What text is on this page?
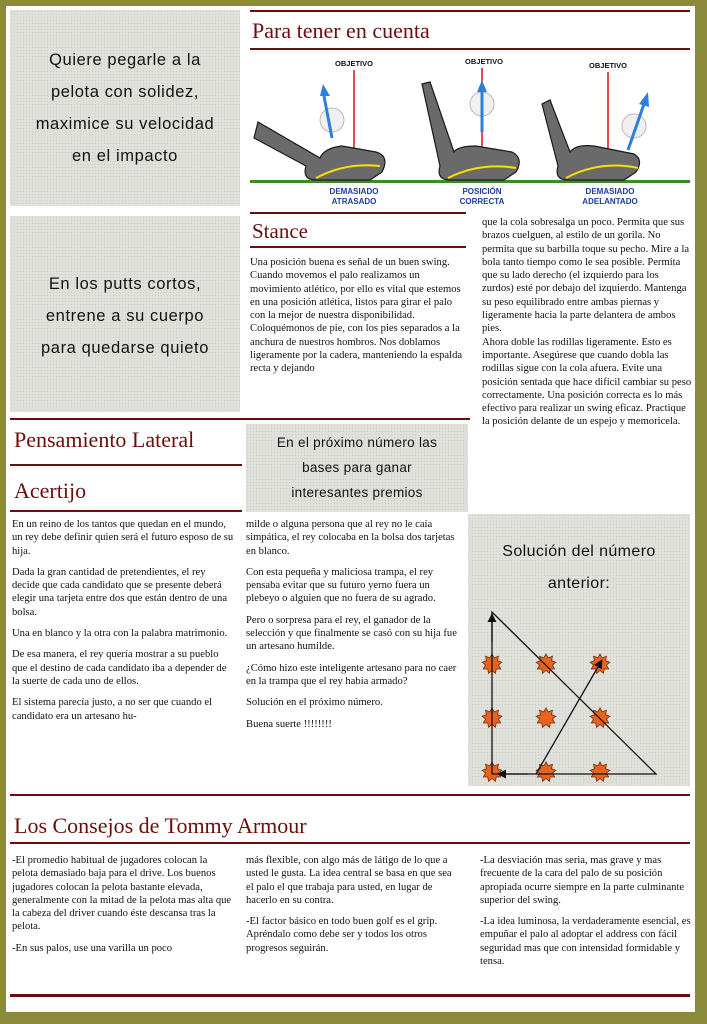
Quiere pegarle a la
pelota con solidez,
maximice su velocidad
en el impacto
Para tener en cuenta
OBJETIVO
DEMASIADO
ATRASADO
OBJETIVO
POSICIÓN
CORRECTA
OBJETIVO
DEMASIADO
ADELANTADO
En los putts cortos,
entrene a su cuerpo
para quedarse quieto
Stance

Una posición buena es señal de un buen swing. Cuando movemos el palo realizamos un movimiento atlético, por ello es vital que estemos en una posición atlética, listos para girar el palo con la mejor de nuestra disponibilidad. Coloquémonos de pie, con los pies separados a la anchura de nuestros hombros. Nos doblamos ligeramente por la cadera, manteniendo la espalda recta y dejando

que la cola sobresalga un poco. Permita que sus brazos cuelguen, al estilo de un gorila. No permita que su barbilla toque su pecho. Mire a la bola tanto tiempo como le sea posible. Permita que su lado derecho (el izquierdo para los zurdos) esté por debajo del izquierdo. Mantenga su peso equilibrado entre ambas piernas y ligeramente hacia la parte delantera de ambos pies.

Ahora doble las rodillas ligeramente. Esto es importante. Asegúrese que cuando dobla las rodillas sigue con la cola afuera. Evite una posición sentada que hace difícil cambiar su peso correctamente. Una posición correcta es lo más efectivo para realizar un swing eficaz. Practique la posición delante de un espejo y memoricela.

Pensamiento Lateral
Acertijo
En el próximo número las
bases para ganar
interesantes premios

En un reino de los tantos que quedan en el mundo, un rey debe definir quien será el futuro esposo de su hija.

Dada la gran cantidad de pretendientes, el rey decide que cada candidato que se presente deberá elegir una tarjeta entre dos que están dentro de una bolsa.

Una en blanco y la otra con la palabra matrimonio.

De esa manera, el rey quería mostrar a su pueblo que el destino de cada candidato iba a depender de la suerte de cada uno de ellos.

El sistema parecía justo, a no ser que cuando el candidato era un artesano hu-

milde o alguna persona que al rey no le caía simpática, el rey colocaba en la bolsa dos tarjetas en blanco.

Con esta pequeña y maliciosa trampa, el rey pensaba evitar que su futuro yerno fuera un plebeyo o alguien que no fuera de su agrado.

Pero o sorpresa para el rey, el ganador de la selección y que finalmente se casó con su hija fue un artesano humilde.

¿Cómo hizo este inteligente artesano para no caer en la trampa que el rey había armado?

Solución en el próximo número.

Buena suerte !!!!!!!!

Solución del número
anterior:
Los Consejos de Tommy Armour

-El promedio habitual de jugadores colocan la pelota demasiado baja para el drive. Los buenos jugadores colocan la pelota bastante elevada, generalmente con la mitad de la pelota mas alta que la cabeza del driver cuando éste descansa tras la pelota.

-En sus palos, use una varilla un poco

más flexible, con algo más de látigo de lo que a usted le gusta. La idea central se basa en que sea el palo el que trabaja para usted, en lugar de hacerlo en su contra.

-El factor básico en todo buen golf es el grip. Apréndalo como debe ser y todos los otros progresos seguirán.

-La desviación mas seria, mas grave y mas frecuente de la cara del palo de su posición apropiada ocurre siempre en la parte culminante superior del swing.

-La idea luminosa, la verdaderamente esencial, es empuñar el palo al adoptar el address con fácil seguridad mas que con intensidad formidable y tensa.
